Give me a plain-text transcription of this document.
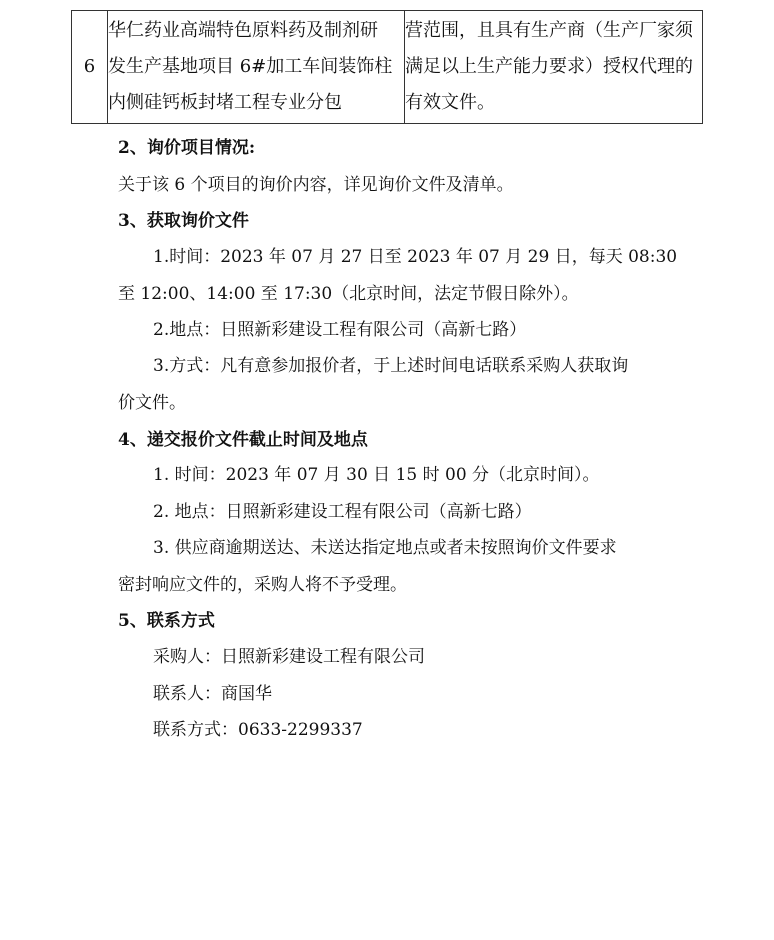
6	华仁药业高端特色原料药及制剂研
发生产基地项目 6#加工车间装饰柱
内侧硅钙板封堵工程专业分包	营范围，且具有生产商（生产厂家须
满足以上生产能力要求）授权代理的
有效文件。
2、询价项目情况:
关于该 6 个项目的询价内容，详见询价文件及清单。
3、获取询价文件
1.时间：2023 年 07 月 27 日至 2023 年 07 月 29 日，每天 08:30
至 12:00、14:00 至 17:30（北京时间，法定节假日除外）。
2.地点：日照新彩建设工程有限公司（高新七路）
3.方式：凡有意参加报价者，于上述时间电话联系采购人获取询
价文件。
4、递交报价文件截止时间及地点
1. 时间：2023 年 07 月 30 日 15 时 00 分（北京时间）。
2. 地点：日照新彩建设工程有限公司（高新七路）
3. 供应商逾期送达、未送达指定地点或者未按照询价文件要求
密封响应文件的，采购人将不予受理。
5、联系方式
采购人：日照新彩建设工程有限公司
联系人：商国华
联系方式：0633-2299337
